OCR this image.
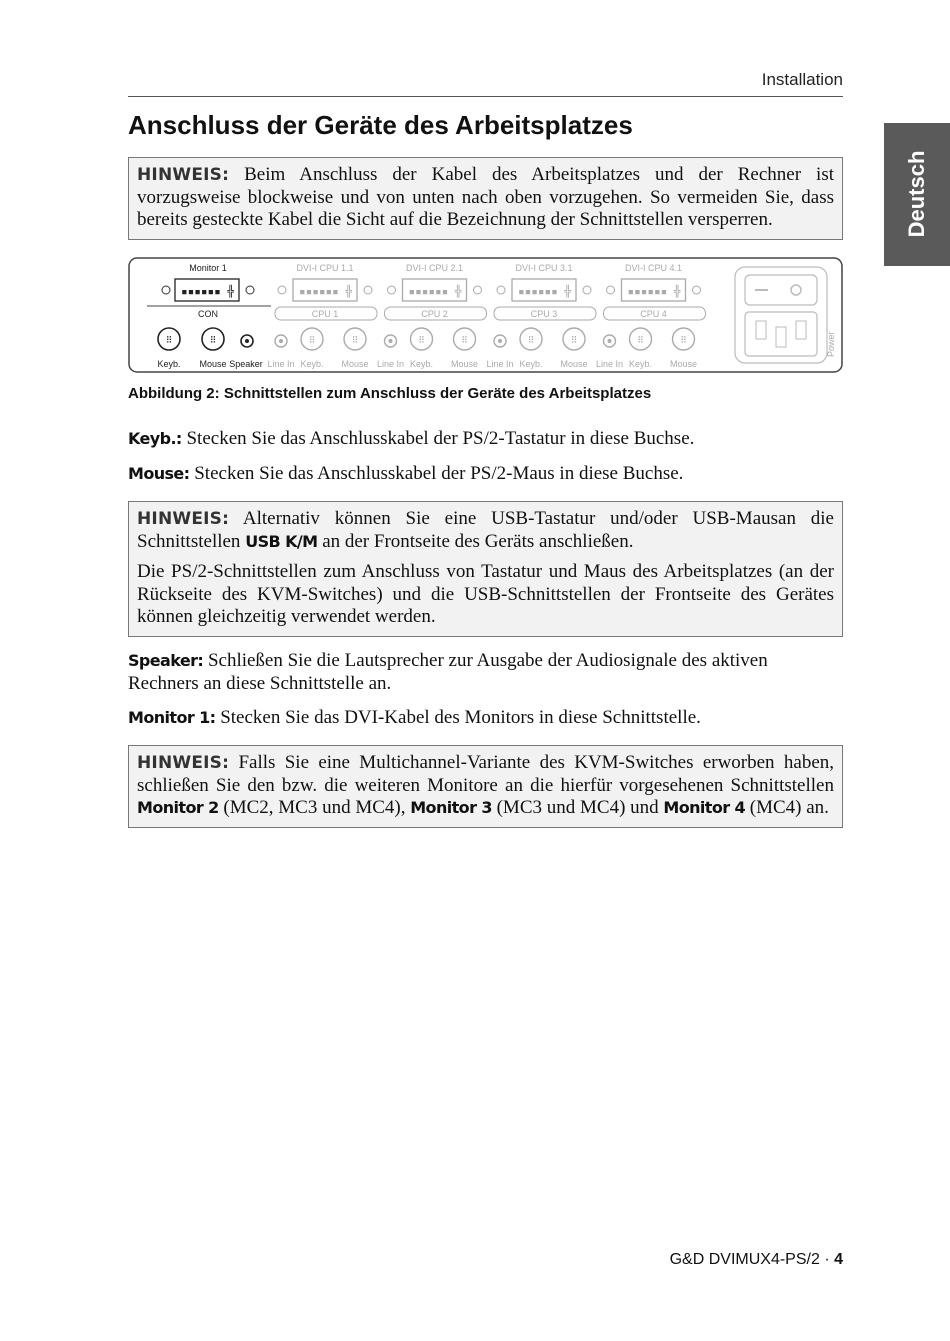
Installation
Deutsch
Anschluss der Geräte des Arbeitsplatzes

HINWEIS: Beim Anschluss der Kabel des Arbeitsplatzes und der Rechner ist vorzugsweise blockweise und von unten nach oben vorzugehen. So vermeiden Sie, dass bereits gesteckte Kabel die Sicht auf die Bezeichnung der Schnittstellen versperren.

Monitor 1
▪▪▪▪▪▪ ╬
CON
⠿	⠿
Keyb. Mouse Speaker
DVI-I CPU 1.1
▪▪▪▪▪▪ ╬
CPU 1
⠿	⠿
Line In Keyb. Mouse
DVI-I CPU 2.1
▪▪▪▪▪▪ ╬
CPU 2
⠿	⠿
Line In Keyb. Mouse
DVI-I CPU 3.1
▪▪▪▪▪▪ ╬
CPU 3
⠿	⠿
Line In Keyb. Mouse
DVI-I CPU 4.1
▪▪▪▪▪▪ ╬
CPU 4
⠿	⠿
Line In Keyb. Mouse
Power
Abbildung 2: Schnittstellen zum Anschluss der Geräte des Arbeitsplatzes

Keyb.: Stecken Sie das Anschlusskabel der PS/2-Tastatur in diese Buchse.

Mouse: Stecken Sie das Anschlusskabel der PS/2-Maus in diese Buchse.

HINWEIS: Alternativ können Sie eine USB-Tastatur und/oder USB-Mausan die Schnittstellen USB K/M an der Frontseite des Geräts anschließen.

Die PS/2-Schnittstellen zum Anschluss von Tastatur und Maus des Arbeitsplatzes (an der Rückseite des KVM-Switches) und die USB-Schnittstellen der Frontseite des Gerätes können gleichzeitig verwendet werden.

Speaker: Schließen Sie die Lautsprecher zur Ausgabe der Audiosignale des aktiven Rechners an diese Schnittstelle an.

Monitor 1: Stecken Sie das DVI-Kabel des Monitors in diese Schnittstelle.

HINWEIS: Falls Sie eine Multichannel-Variante des KVM-Switches erworben haben, schließen Sie den bzw. die weiteren Monitore an die hierfür vorgesehenen Schnittstellen Monitor 2 (MC2, MC3 und MC4), Monitor 3 (MC3 und MC4) und Monitor 4 (MC4) an.

G&D DVIMUX4-PS/2 · 4
